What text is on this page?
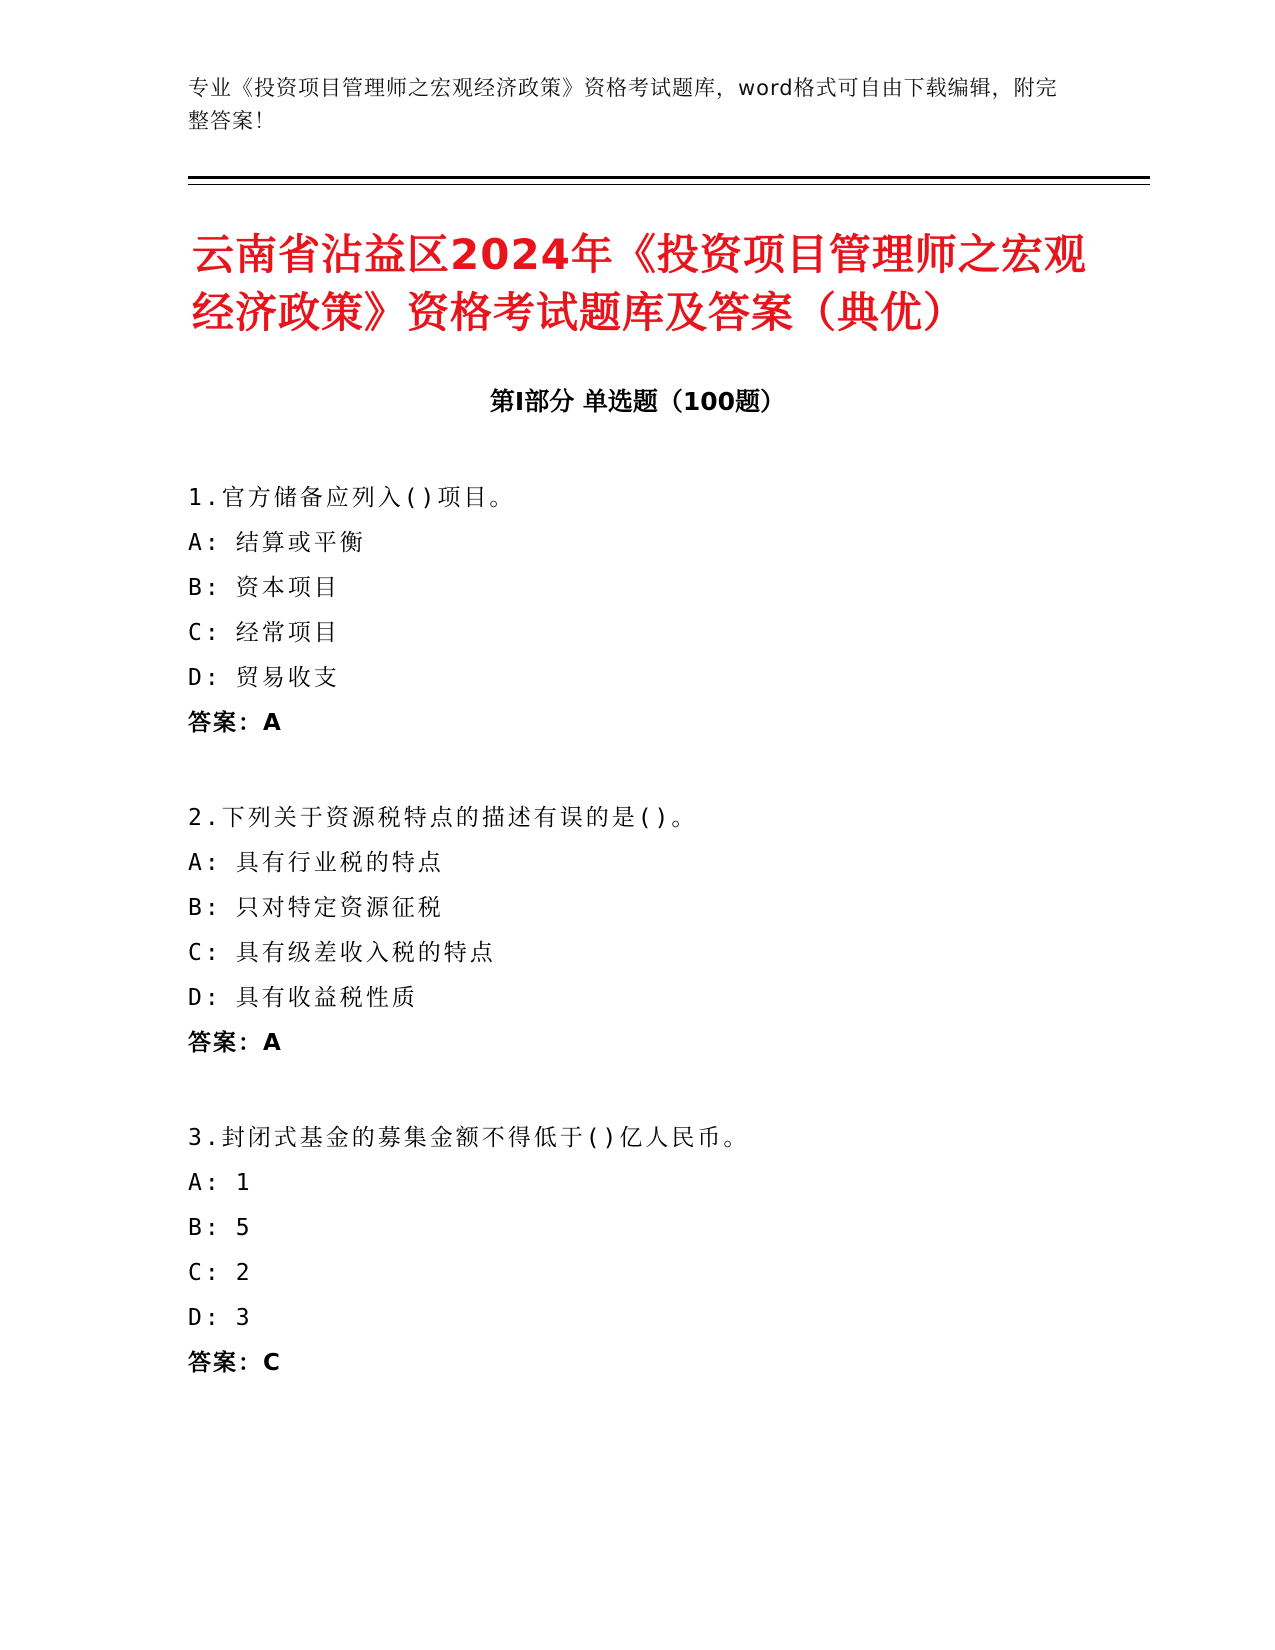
专业《投资项目管理师之宏观经济政策》资格考试题库，word格式可自由下载编辑，附完整答案！
云南省沾益区2024年《投资项目管理师之宏观经济政策》资格考试题库及答案（典优）
第Ⅰ部分 单选题（100题）
1.官方储备应列入()项目。
A: 结算或平衡
B: 资本项目
C: 经常项目
D: 贸易收支
答案：A
2.下列关于资源税特点的描述有误的是()。
A: 具有行业税的特点
B: 只对特定资源征税
C: 具有级差收入税的特点
D: 具有收益税性质
答案：A
3.封闭式基金的募集金额不得低于()亿人民币。
A: 1
B: 5
C: 2
D: 3
答案：C
